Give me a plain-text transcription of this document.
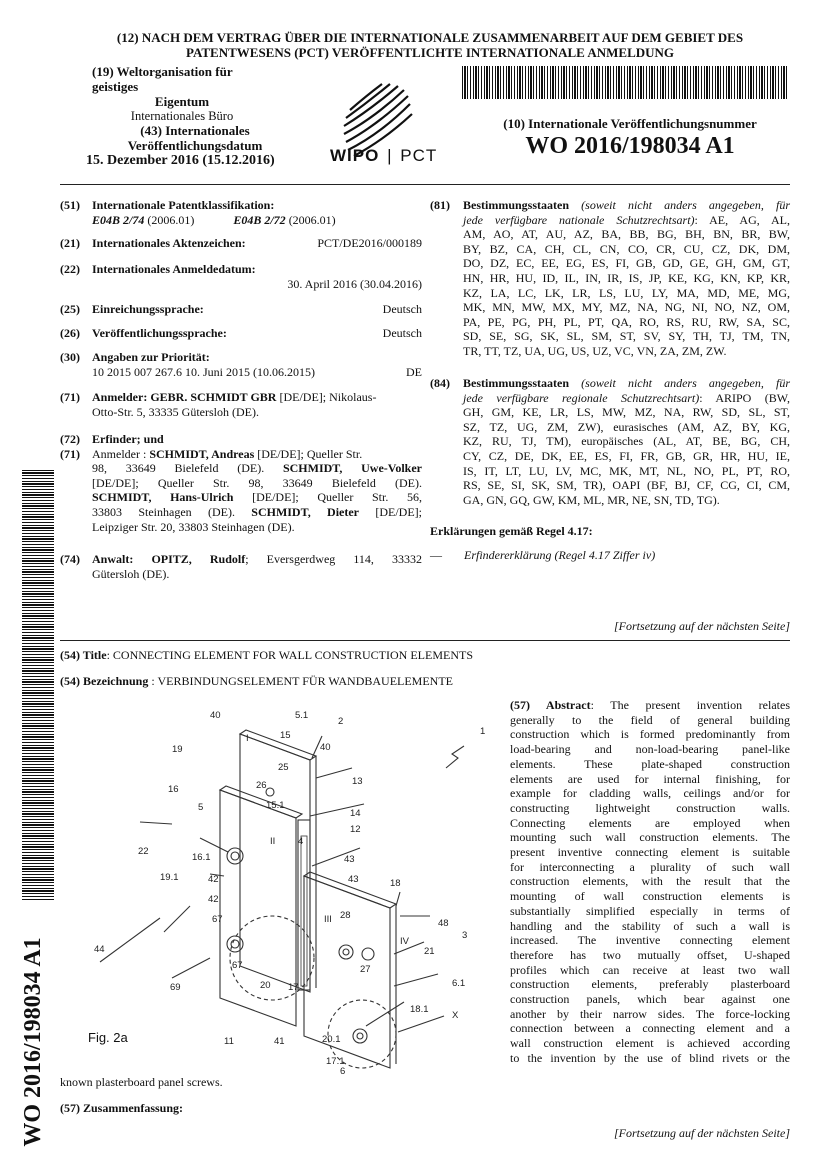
(12) NACH DEM VERTRAG ÜBER DIE INTERNATIONALE ZUSAMMENARBEIT AUF DEM GEBIET DES
PATENTWESENS (PCT) VERÖFFENTLICHTE INTERNATIONALE ANMELDUNG
(19) Weltorganisation für geistiges
Eigentum
Internationales Büro
(43) Internationales
Veröffentlichungsdatum
15. Dezember 2016 (15.12.2016)	WIPO | PCT
(10) Internationale Veröffentlichungsnummer
WO 2016/198034 A1
(51) Internationale Patentklassifikation:
E04B 2/74 (2006.01)	E04B 2/72 (2006.01)
(21) Internationales Aktenzeichen:	PCT/DE2016/000189
(22) Internationales Anmeldedatum:
30. April 2016 (30.04.2016)
(25) Einreichungssprache:	Deutsch
(26) Veröffentlichungssprache:	Deutsch
(30) Angaben zur Priorität:
10 2015 007 267.6 10. Juni 2015 (10.06.2015)	DE
(71) Anmelder: GEBR. SCHMIDT GBR [DE/DE]; Nikolaus-
Otto-Str. 5, 33335 Gütersloh (DE).
(72) Erfinder; und
(71) Anmelder : SCHMIDT, Andreas [DE/DE]; Queller Str.
98, 33649 Bielefeld (DE). SCHMIDT, Uwe-Volker
[DE/DE]; Queller Str. 98, 33649 Bielefeld (DE).
SCHMIDT, Hans-Ulrich [DE/DE]; Queller Str. 56,
33803 Steinhagen (DE). SCHMIDT, Dieter [DE/DE];
Leipziger Str. 20, 33803 Steinhagen (DE).
(74) Anwalt: OPITZ, Rudolf; Eversgerdweg 114, 33332
Gütersloh (DE).
(81) Bestimmungsstaaten (soweit nicht anders angegeben, für
jede verfügbare nationale Schutzrechtsart): AE, AG, AL,
AM, AO, AT, AU, AZ, BA, BB, BG, BH, BN, BR, BW,
BY, BZ, CA, CH, CL, CN, CO, CR, CU, CZ, DK, DM,
DO, DZ, EC, EE, EG, ES, FI, GB, GD, GE, GH, GM, GT,
HN, HR, HU, ID, IL, IN, IR, IS, JP, KE, KG, KN, KP, KR,
KZ, LA, LC, LK, LR, LS, LU, LY, MA, MD, ME, MG,
MK, MN, MW, MX, MY, MZ, NA, NG, NI, NO, NZ, OM,
PA, PE, PG, PH, PL, PT, QA, RO, RS, RU, RW, SA, SC,
SD, SE, SG, SK, SL, SM, ST, SV, SY, TH, TJ, TM, TN,
TR, TT, TZ, UA, UG, US, UZ, VC, VN, ZA, ZM, ZW.
(84) Bestimmungsstaaten (soweit nicht anders angegeben, für
jede verfügbare regionale Schutzrechtsart): ARIPO (BW,
GH, GM, KE, LR, LS, MW, MZ, NA, RW, SD, SL, ST,
SZ, TZ, UG, ZM, ZW), eurasisches (AM, AZ, BY, KG,
KZ, RU, TJ, TM), europäisches (AL, AT, BE, BG, CH,
CY, CZ, DE, DK, EE, ES, FI, FR, GB, GR, HR, HU, IE,
IS, IT, LT, LU, LV, MC, MK, MT, NL, NO, PL, PT, RO,
RS, SE, SI, SK, SM, TR), OAPI (BF, BJ, CF, CG, CI, CM,
GA, GN, GQ, GW, KM, ML, MR, NE, SN, TD, TG).
Erklärungen gemäß Regel 4.17:
— Erfindererklärung (Regel 4.17 Ziffer iv)
[Fortsetzung auf der nächsten Seite]
(54) Title: CONNECTING ELEMENT FOR WALL CONSTRUCTION ELEMENTS
(54) Bezeichnung : VERBINDUNGSELEMENT FÜR WANDBAUELEMENTE
(57) Abstract: The present invention relates
generally to the field of general building
construction which is formed predominantly from
load-bearing and non-load-bearing panel-like
elements. These plate-shaped construction
elements are used for internal finishing, for
example for cladding walls, ceilings and/or for
constructing lightweight construction walls.
Connecting elements are employed when
mounting such wall construction elements. The
present inventive connecting element is suitable
for interconnecting a plurality of such wall
construction elements, with the result that the
mounting of wall construction elements is
substantially simplified especially in terms of
handling and the stability of such a wall is
increased. The inventive connecting element
therefore has two mutually offset, U-shaped
profiles which can receive at least two wall
construction elements, preferably plasterboard
construction panels, which bear against one
another by their narrow sides. The force-locking
connection between a connecting element and a
wall construction element is achieved according
to the invention by the use of blind rivets or the
known plasterboard panel screws.
(57) Zusammenfassung:
[Fortsetzung auf der nächsten Seite]
WO 2016/198034 A1
40	5.1
2
15
40
1
19
25
13
26
16
14
5	15.1
4
12
22
16.1
II
43
19.1	42	43	18
42
28
67	III	48
44
3
IV
21
69
67
20
27
6.1
11
17
18.1
X
41	20.1
17.1
6
I
Fig. 2a
